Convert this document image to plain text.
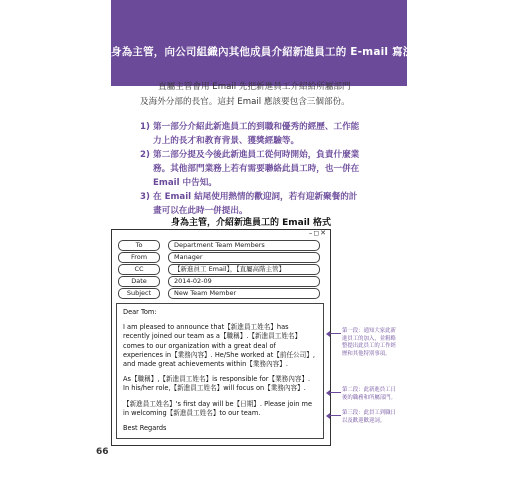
身為主管，向公司組織內其他成員介紹新進員工的 E-mail 寫法
直屬主管會用 Email 先把新進員工介紹給所屬部門
及海外分部的長官。這封 Email 應該要包含三個部份。
1) 第一部分介紹此新進員工的到職和優秀的經歷、工作能力上的長才和教育背景、獲獎經驗等。
2) 第二部分提及今後此新進員工從何時開始，負責什麼業務。其他部門業務上若有需要聯絡此員工時，也一併在 Email 中告知。
3) 在 Email 結尾使用熱情的歡迎詞，若有迎新聚餐的計畫可以在此時一併提出。
身為主管，介紹新進員工的 Email 格式
–◻✕
To	Department Team Members
From	Manager
CC	【新進員工 Email】，【直屬高階主管】
Date	2014-02-09
Subject	New Team Member

Dear Tom:

I am pleased to announce that【新進員工姓名】has recently joined our team as a【職稱】.【新進員工姓名】comes to our organization with a great deal of experiences in【業務內容】. He/She worked at【前任公司】, and made great achievements within【業務內容】.

As【職稱】,【新進員工姓名】is responsible for【業務內容】. In his/her role,【新進員工姓名】will focus on【業務內容】.

【新進員工姓名】's first day will be【日期】. Please join me in welcoming【新進員工姓名】to our team.

Best Regards

第一段：通知大家此新進員工的加入，並粗略整提出此員工的工作經歷和其他特別事項。
第二段：此新進員工日後的職務和所屬部門。
第三段：此員工到職日以及歡迎歡迎詞。
66
